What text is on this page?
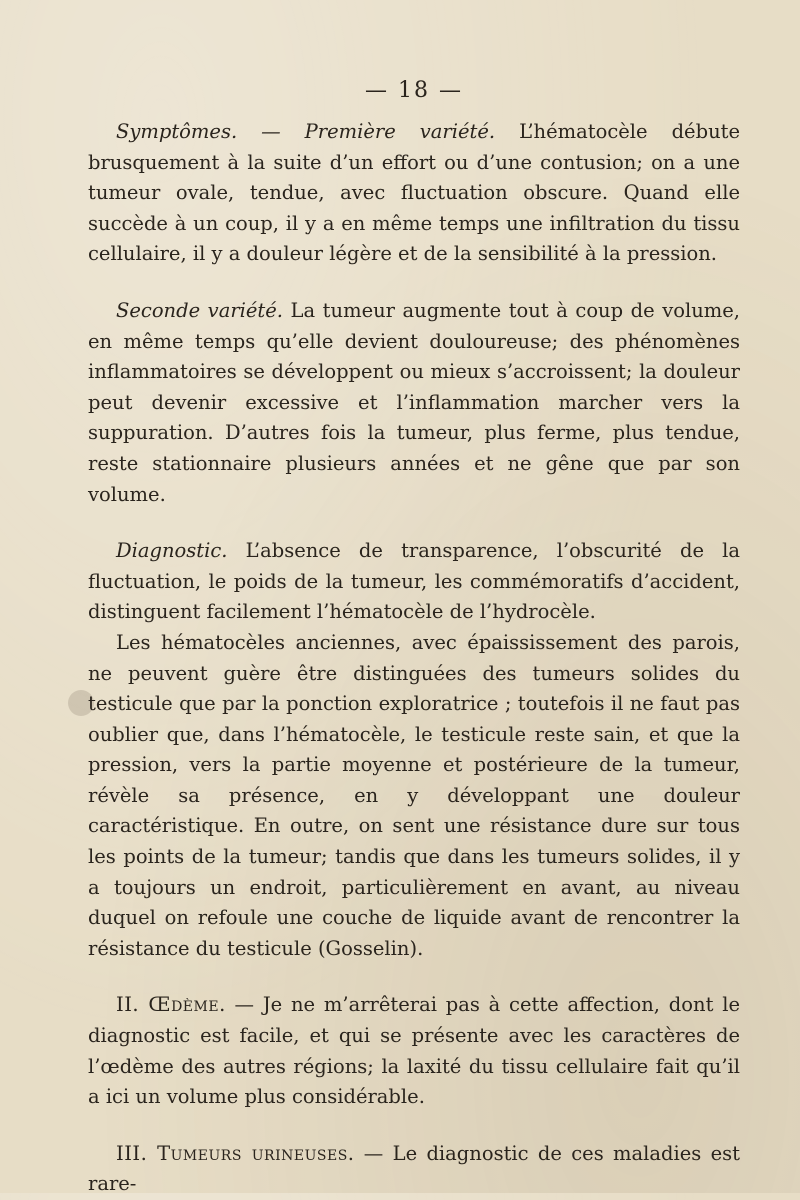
— 18 —

Symptômes. — Première variété. L’hématocèle débute brusquement à la suite d’un effort ou d’une contusion; on a une tumeur ovale, tendue, avec fluctuation obscure. Quand elle succède à un coup, il y a en même temps une infiltration du tissu cellulaire, il y a douleur légère et de la sensibilité à la pression.

Seconde variété. La tumeur augmente tout à coup de volume, en même temps qu’elle devient douloureuse; des phénomènes inflammatoires se développent ou mieux s’accroissent; la douleur peut devenir excessive et l’inflammation marcher vers la suppuration. D’autres fois la tumeur, plus ferme, plus tendue, reste stationnaire plusieurs années et ne gêne que par son volume.

Diagnostic. L’absence de transparence, l’obscurité de la fluctuation, le poids de la tumeur, les commémoratifs d’accident, distinguent facilement l’hématocèle de l’hydrocèle.

Les hématocèles anciennes, avec épaississement des parois, ne peuvent guère être distinguées des tumeurs solides du testicule que par la ponction exploratrice ; toutefois il ne faut pas oublier que, dans l’hématocèle, le testicule reste sain, et que la pression, vers la partie moyenne et postérieure de la tumeur, révèle sa présence, en y développant une douleur caractéristique. En outre, on sent une résistance dure sur tous les points de la tumeur; tandis que dans les tumeurs solides, il y a toujours un endroit, particulièrement en avant, au niveau duquel on refoule une couche de liquide avant de rencontrer la résistance du testicule (Gosselin).

II. Œdème. — Je ne m’arrêterai pas à cette affection, dont le diagnostic est facile, et qui se présente avec les caractères de l’œdème des autres régions; la laxité du tissu cellulaire fait qu’il a ici un volume plus considérable.

III. Tumeurs urineuses. — Le diagnostic de ces maladies est rare-
